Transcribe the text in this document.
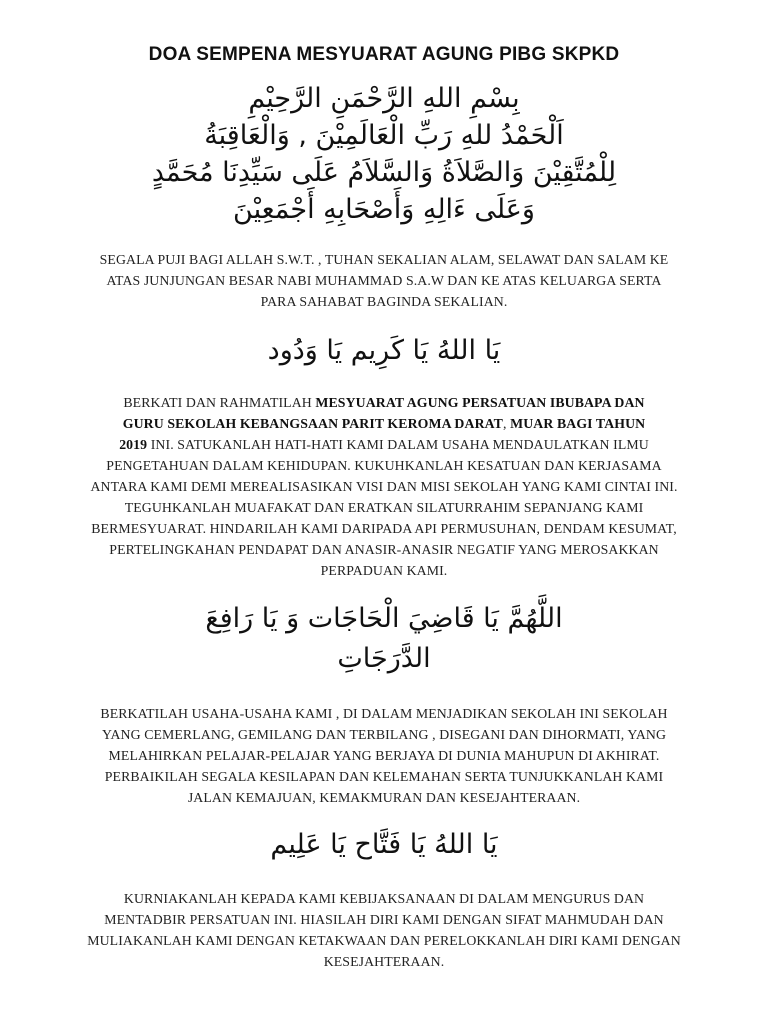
DOA SEMPENA MESYUARAT AGUNG PIBG SKPKD
بِسْمِ اللهِ الرَّحْمَنِ الرَّحِيْمِ
اَلْحَمْدُ للهِ رَبِّ الْعَالَمِيْنَ , وَالْعَاقِبَةُ
لِلْمُتَّقِيْنَ وَالصَّلاَةُ وَالسَّلاَمُ عَلَى سَيِّدِنَا مُحَمَّدٍ
وَعَلَى ءَالِهِ وَأَصْحَابِهِ أَجْمَعِيْنَ

SEGALA PUJI BAGI ALLAH S.W.T. , TUHAN SEKALIAN ALAM, SELAWAT DAN SALAM KE
ATAS JUNJUNGAN BESAR NABI MUHAMMAD S.A.W DAN KE ATAS KELUARGA SERTA
PARA SAHABAT BAGINDA SEKALIAN.

يَا اللهُ يَا كَرِيم يَا وَدُود

BERKATI DAN RAHMATILAH MESYUARAT AGUNG PERSATUAN IBUBAPA DAN
GURU SEKOLAH KEBANGSAAN PARIT KEROMA DARAT, MUAR BAGI TAHUN
2019 INI. SATUKANLAH HATI-HATI KAMI DALAM USAHA MENDAULATKAN ILMU
PENGETAHUAN DALAM KEHIDUPAN. KUKUHKANLAH KESATUAN DAN KERJASAMA
ANTARA KAMI DEMI MEREALISASIKAN VISI DAN MISI SEKOLAH YANG KAMI CINTAI INI.
TEGUHKANLAH MUAFAKAT DAN ERATKAN SILATURRAHIM SEPANJANG KAMI
BERMESYUARAT. HINDARILAH KAMI DARIPADA API PERMUSUHAN, DENDAM KESUMAT,
PERTELINGKAHAN PENDAPAT DAN ANASIR-ANASIR NEGATIF YANG MEROSAKKAN
PERPADUAN KAMI.

اللَّهُمَّ يَا قَاضِيَ الْحَاجَات وَ يَا رَافِعَ
الدَّرَجَاتِ

BERKATILAH USAHA-USAHA KAMI , DI DALAM MENJADIKAN SEKOLAH INI SEKOLAH
YANG CEMERLANG, GEMILANG DAN TERBILANG , DISEGANI DAN DIHORMATI, YANG
MELAHIRKAN PELAJAR-PELAJAR YANG BERJAYA DI DUNIA MAHUPUN DI AKHIRAT.
PERBAIKILAH SEGALA KESILAPAN DAN KELEMAHAN SERTA TUNJUKKANLAH KAMI
JALAN KEMAJUAN, KEMAKMURAN DAN KESEJAHTERAAN.

يَا اللهُ يَا فَتَّاح يَا عَلِيم

KURNIAKANLAH KEPADA KAMI KEBIJAKSANAAN DI DALAM MENGURUS DAN
MENTADBIR PERSATUAN INI. HIASILAH DIRI KAMI DENGAN SIFAT MAHMUDAH DAN
MULIAKANLAH KAMI DENGAN KETAKWAAN DAN PERELOKKANLAH DIRI KAMI DENGAN
KESEJAHTERAAN.
